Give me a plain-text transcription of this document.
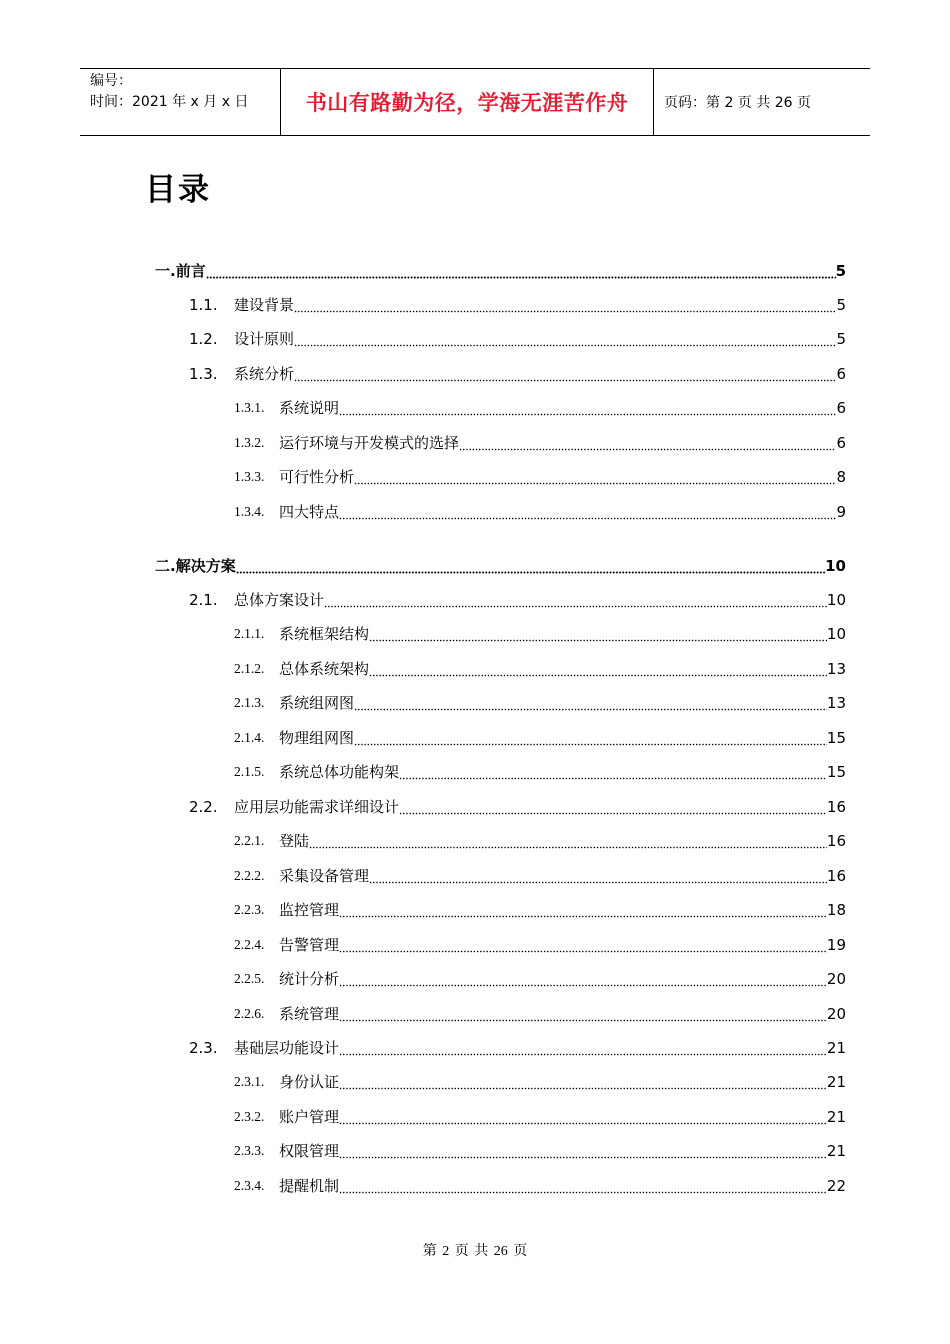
编号：
时间：2021 年 x 月 x 日	书山有路勤为径，学海无涯苦作舟	页码：第 2 页 共 26 页
目录
一.前言	5
1.1.	建设背景	5
1.2.	设计原则	5
1.3.	系统分析	6
1.3.1. 系统说明	6
1.3.2. 运行环境与开发模式的选择	6
1.3.3. 可行性分析	8
1.3.4. 四大特点	9
二.解决方案	10
2.1.	总体方案设计	10
2.1.1. 系统框架结构	10
2.1.2. 总体系统架构	13
2.1.3. 系统组网图	13
2.1.4. 物理组网图	15
2.1.5. 系统总体功能构架	15
2.2.	应用层功能需求详细设计	16
2.2.1. 登陆	16
2.2.2. 采集设备管理	16
2.2.3. 监控管理	18
2.2.4. 告警管理	19
2.2.5. 统计分析	20
2.2.6. 系统管理	20
2.3.	基础层功能设计	21
2.3.1. 身份认证	21
2.3.2. 账户管理	21
2.3.3. 权限管理	21
2.3.4. 提醒机制	22
第 2 页 共 26 页
